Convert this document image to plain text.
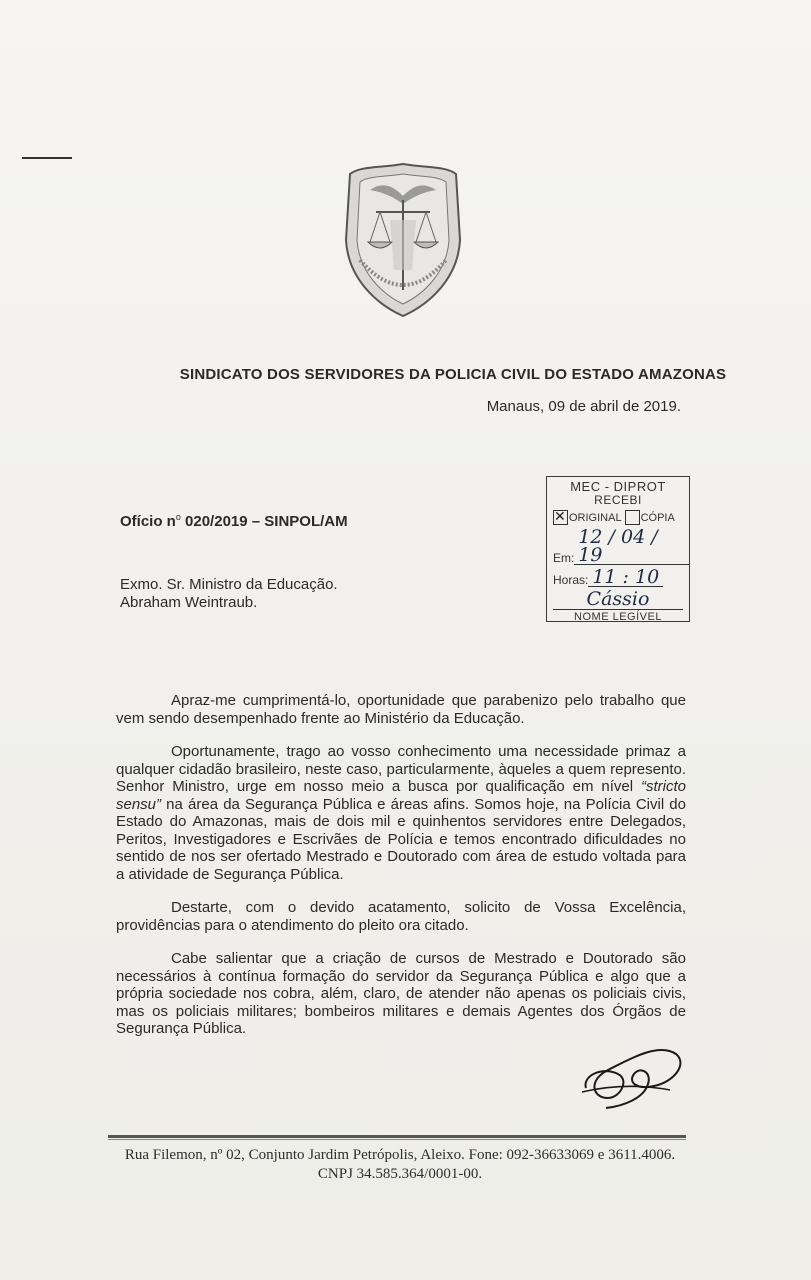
SINDICATO DOS SERVIDORES DA POLICIA CIVIL DO ESTADO AMAZONAS
Manaus, 09 de abril de 2019.
MEC - DIPROT
RECEBI
✕
ORIGINAL CÓPIA
Em:
12 / 04 / 19
Horas: 11 : 10
Cássio
NOME LEGÍVEL
Ofício $n^o$ 020/2019 – SINPOL/AM
Exmo. Sr. Ministro da Educação.
Abraham Weintraub.

Apraz-me cumprimentá-lo, oportunidade que parabenizo pelo trabalho que vem sendo desempenhado frente ao Ministério da Educação.

Oportunamente, trago ao vosso conhecimento uma necessidade primaz a qualquer cidadão brasileiro, neste caso, particularmente, àqueles a quem represento. Senhor Ministro, urge em nosso meio a busca por qualificação em nível “stricto sensu” na área da Segurança Pública e áreas afins. Somos hoje, na Polícia Civil do Estado do Amazonas, mais de dois mil e quinhentos servidores entre Delegados, Peritos, Investigadores e Escrivães de Polícia e temos encontrado dificuldades no sentido de nos ser ofertado Mestrado e Doutorado com área de estudo voltada para a atividade de Segurança Pública.

Destarte, com o devido acatamento, solicito de Vossa Excelência, providências para o atendimento do pleito ora citado.

Cabe salientar que a criação de cursos de Mestrado e Doutorado são necessários à contínua formação do servidor da Segurança Pública e algo que a própria sociedade nos cobra, além, claro, de atender não apenas os policiais civis, mas os policiais militares; bombeiros militares e demais Agentes dos Órgãos de Segurança Pública.

Rua Filemon, nº 02, Conjunto Jardim Petrópolis, Aleixo. Fone: 092-36633069 e 3611.4006.
CNPJ 34.585.364/0001-00.
